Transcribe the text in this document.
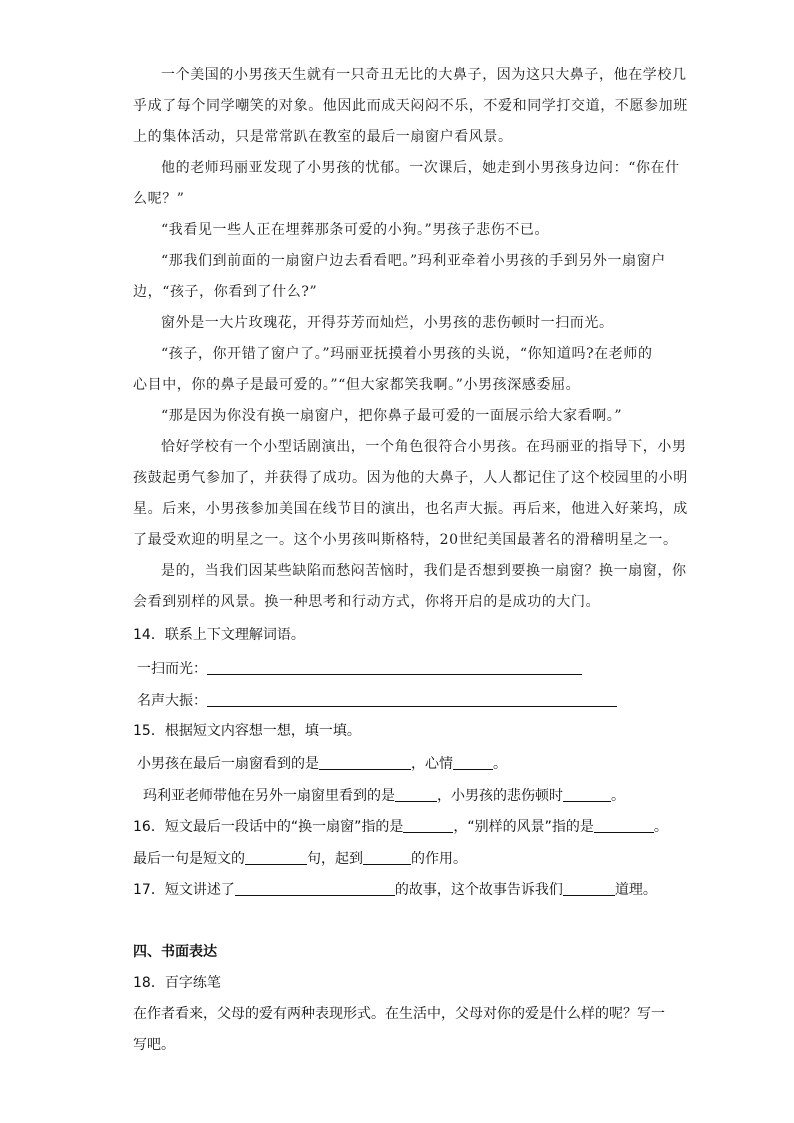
一个美国的小男孩天生就有一只奇丑无比的大鼻子，因为这只大鼻子，他在学校几
乎成了每个同学嘲笑的对象。他因此而成天闷闷不乐，不爱和同学打交道，不愿参加班
上的集体活动，只是常常趴在教室的最后一扇窗户看风景。
他的老师玛丽亚发现了小男孩的忧郁。一次课后，她走到小男孩身边问：“你在什
么呢？”
“我看见一些人正在埋葬那条可爱的小狗。”男孩子悲伤不已。
“那我们到前面的一扇窗户边去看看吧。”玛利亚牵着小男孩的手到另外一扇窗户
边，“孩子，你看到了什么?”
窗外是一大片玫瑰花，开得芬芳而灿烂，小男孩的悲伤顿时一扫而光。
“孩子，你开错了窗户了。”玛丽亚抚摸着小男孩的头说，“你知道吗?在老师的
心目中，你的鼻子是最可爱的。”“但大家都笑我啊。”小男孩深感委屈。
“那是因为你没有换一扇窗户，把你鼻子最可爱的一面展示给大家看啊。”
恰好学校有一个小型话剧演出，一个角色很符合小男孩。在玛丽亚的指导下，小男
孩鼓起勇气参加了，并获得了成功。因为他的大鼻子，人人都记住了这个校园里的小明
星。后来，小男孩参加美国在线节目的演出，也名声大振。再后来，他进入好莱坞，成
了最受欢迎的明星之一。这个小男孩叫斯格特，20世纪美国最著名的滑稽明星之一。
是的，当我们因某些缺陷而愁闷苦恼时，我们是否想到要换一扇窗？换一扇窗，你
会看到别样的风景。换一种思考和行动方式，你将开启的是成功的大门。
14．联系上下文理解词语。
一扫而光：
名声大振：
15．根据短文内容想一想，填一填。
小男孩在最后一扇窗看到的是	，心情	。
玛利亚老师带他在另外一扇窗里看到的是	，小男孩的悲伤顿时	。
16．短文最后一段话中的“换一扇窗”指的是	，“别样的风景”指的是	。
最后一句是短文的	句，起到	的作用。
17．短文讲述了	的故事，这个故事告诉我们	道理。
四、书面表达
18．百字练笔
在作者看来，父母的爱有两种表现形式。在生活中，父母对你的爱是什么样的呢？写一
写吧。
